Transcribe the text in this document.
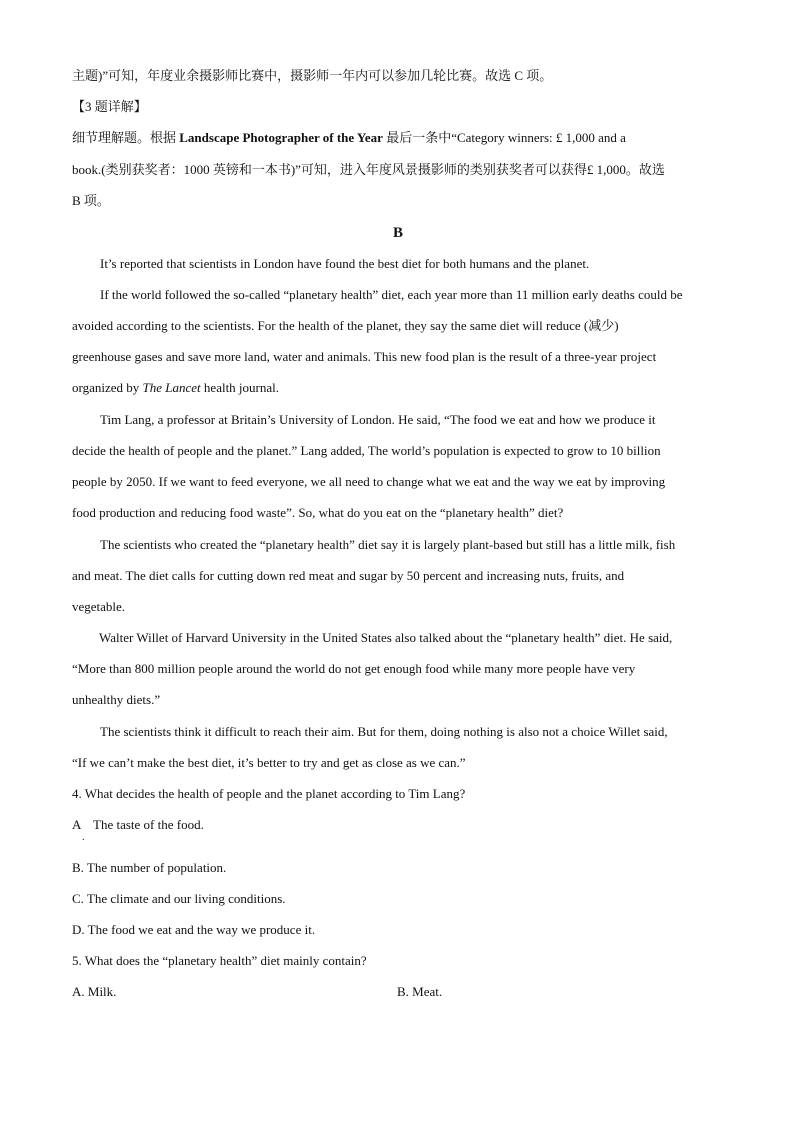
主题)”可知，年度业余摄影师比赛中，摄影师一年内可以参加几轮比赛。故选 C 项。
【3 题详解】
细节理解题。根据 Landscape Photographer of the Year 最后一条中“Category winners: £ 1,000 and a
book.(类别获奖者：1000 英镑和一本书)”可知，进入年度风景摄影师的类别获奖者可以获得£ 1,000。故选
B 项。
B
It’s reported that scientists in London have found the best diet for both humans and the planet.
If the world followed the so-called “planetary health” diet, each year more than 11 million early deaths could be
avoided according to the scientists. For the health of the planet, they say the same diet will reduce (减少)
greenhouse gases and save more land, water and animals. This new food plan is the result of a three-year project
organized by The Lancet health journal.
Tim Lang, a professor at Britain’s University of London. He said, “The food we eat and how we produce it
decide the health of people and the planet.” Lang added, The world’s population is expected to grow to 10 billion
people by 2050. If we want to feed everyone, we all need to change what we eat and the way we eat by improving
food production and reducing food waste”. So, what do you eat on the “planetary health” diet?
The scientists who created the “planetary health” diet say it is largely plant-based but still has a little milk, fish
and meat. The diet calls for cutting down red meat and sugar by 50 percent and increasing nuts, fruits, and
vegetable.
Walter Willet of Harvard University in the United States also talked about the “planetary health” diet. He said,
“More than 800 million people around the world do not get enough food while many more people have very
unhealthy diets.”
The scientists think it difficult to reach their aim. But for them, doing nothing is also not a choice Willet said,
“If we can’t make the best diet, it’s better to try and get as close as we can.”
4. What decides the health of people and the planet according to Tim Lang?
A The taste of the food.
.
B. The number of population.
C. The climate and our living conditions.
D. The food we eat and the way we produce it.
5. What does the “planetary health” diet mainly contain?
A. Milk.	B. Meat.
